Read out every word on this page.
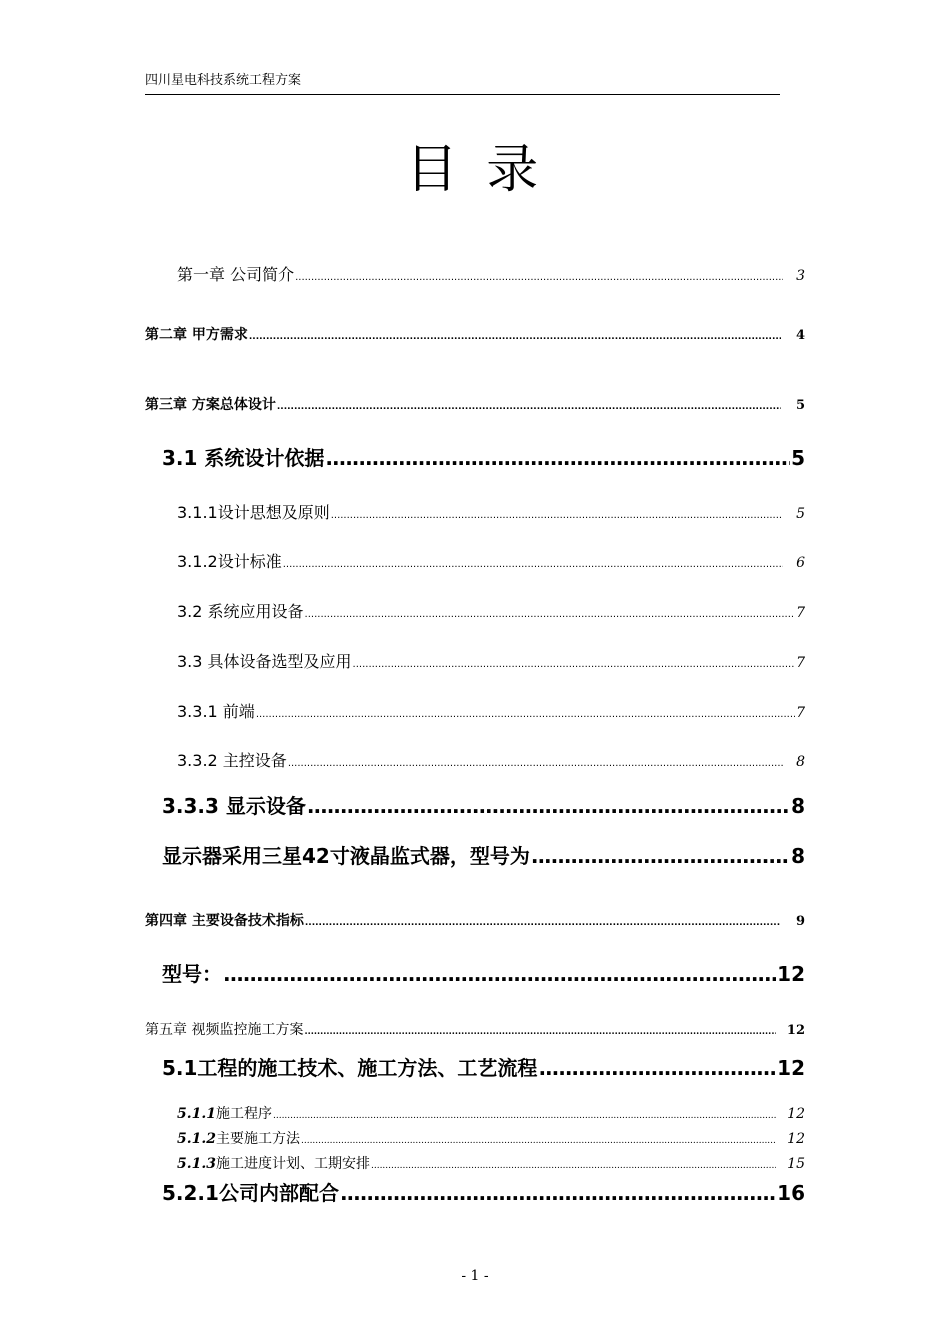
四川星电科技系统工程方案
目 录
第一章 公司简介 .....	3
第二章 甲方需求 .....	4
第三章 方案总体设计 .....	5
3.1 系统设计依据 .....	5
3.1.1设计思想及原则 .....	5
3.1.2设计标准 .....	6
3.2 系统应用设备 .....	7
3.3 具体设备选型及应用 .....	7
3.3.1 前端 .....	7
3.3.2 主控设备 .....	8
3.3.3 显示设备 .....	8
显示器采用三星42寸液晶监式器，型号为 .....	8
第四章 主要设备技术指标 .....	9
型号： .....	12
第五章 视频监控施工方案 .....	12
5.1工程的施工技术、施工方法、工艺流程 .....	12
5.1.1 施工程序 .....	12
5.1.2 主要施工方法 .....	12
5.1.3 施工进度计划、工期安排 .....	15
5.2.1公司内部配合 .....	16
- 1 -
